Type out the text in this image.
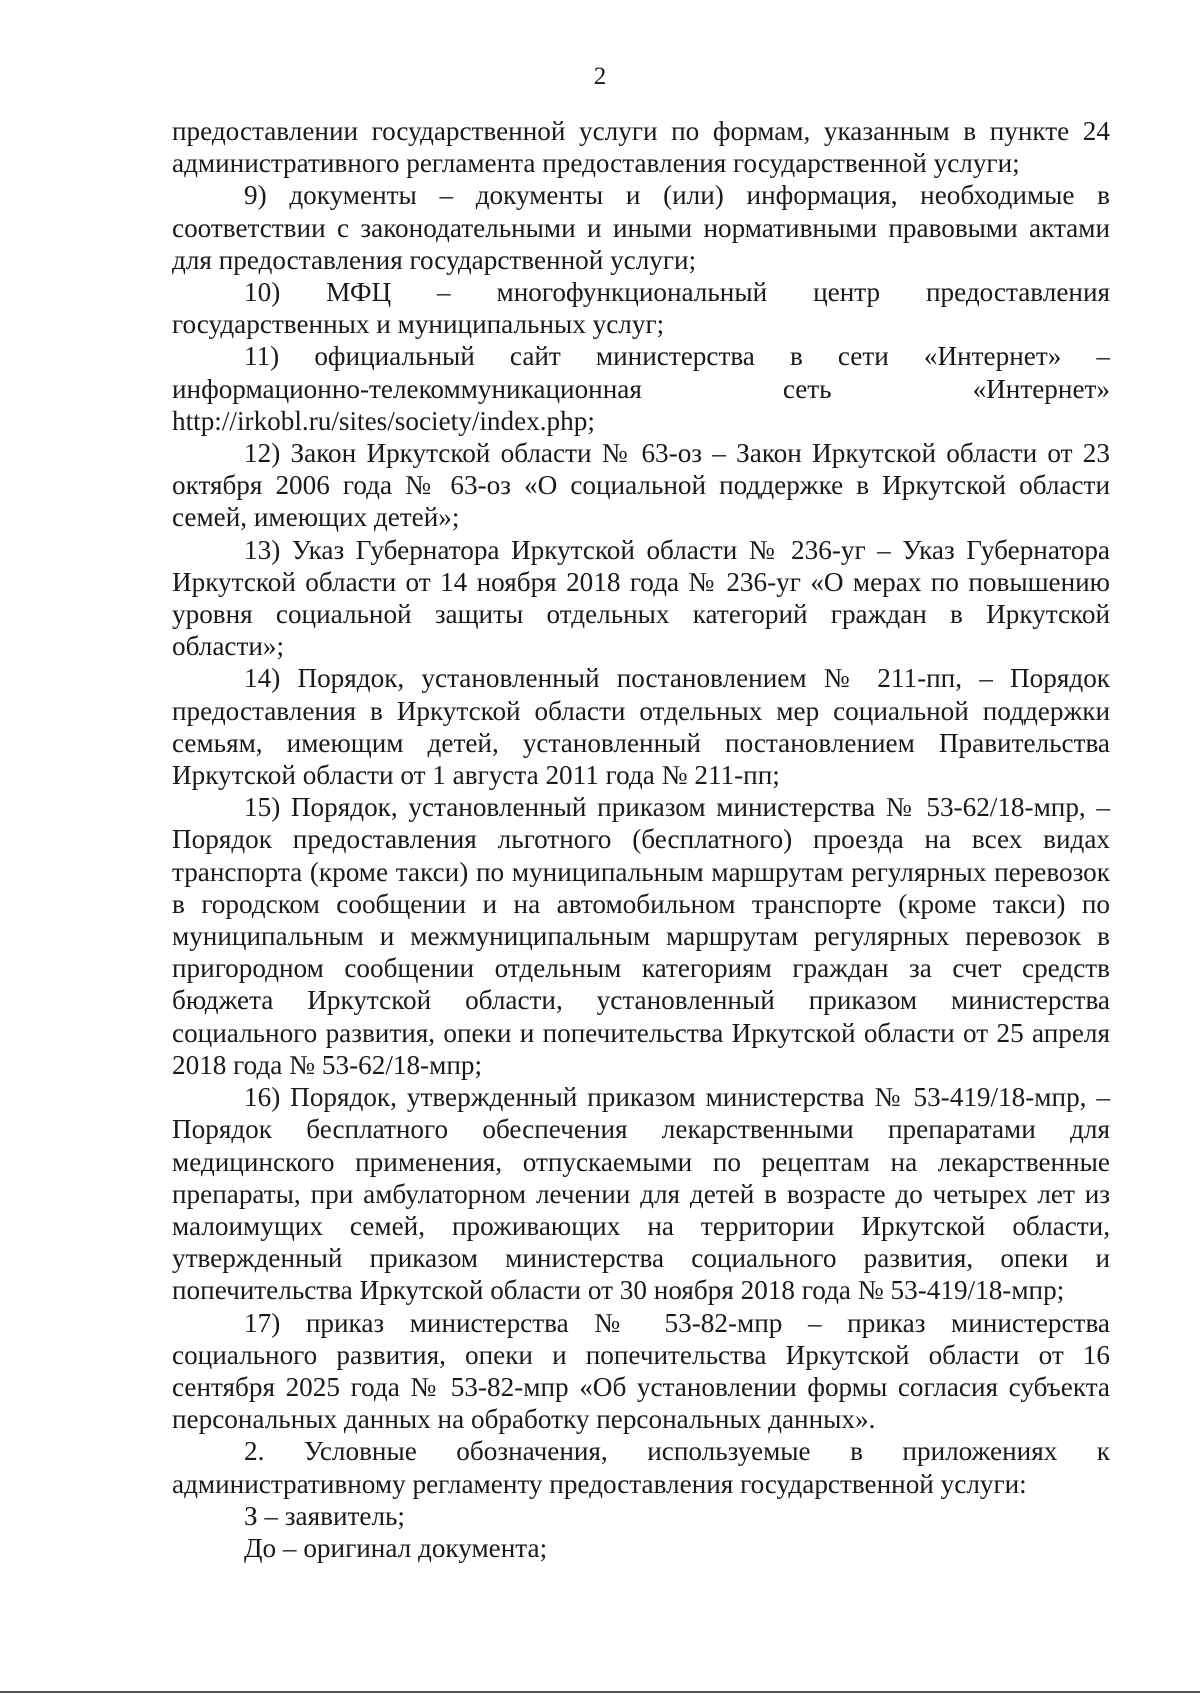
2

предоставлении государственной услуги по формам, указанным в пункте 24 административного регламента предоставления государственной услуги;

9) документы – документы и (или) информация, необходимые в соответствии с законодательными и иными нормативными правовыми актами для предоставления государственной услуги;

10) МФЦ – многофункциональный центр предоставления государственных и муниципальных услуг;

11) официальный сайт министерства в сети «Интернет» – информационно-телекоммуникационная сеть «Интернет» http://irkobl.ru/sites/society/index.php;

12) Закон Иркутской области № 63-оз – Закон Иркутской области от 23 октября 2006 года № 63-оз «О социальной поддержке в Иркутской области семей, имеющих детей»;

13) Указ Губернатора Иркутской области № 236-уг – Указ Губернатора Иркутской области от 14 ноября 2018 года № 236-уг «О мерах по повышению уровня социальной защиты отдельных категорий граждан в Иркутской области»;

14) Порядок, установленный постановлением № 211-пп, – Порядок предоставления в Иркутской области отдельных мер социальной поддержки семьям, имеющим детей, установленный постановлением Правительства Иркутской области от 1 августа 2011 года № 211-пп;

15) Порядок, установленный приказом министерства № 53-62/18-мпр, – Порядок предоставления льготного (бесплатного) проезда на всех видах транспорта (кроме такси) по муниципальным маршрутам регулярных перевозок в городском сообщении и на автомобильном транспорте (кроме такси) по муниципальным и межмуниципальным маршрутам регулярных перевозок в пригородном сообщении отдельным категориям граждан за счет средств бюджета Иркутской области, установленный приказом министерства социального развития, опеки и попечительства Иркутской области от 25 апреля 2018 года № 53-62/18-мпр;

16) Порядок, утвержденный приказом министерства № 53-419/18-мпр, – Порядок бесплатного обеспечения лекарственными препаратами для медицинского применения, отпускаемыми по рецептам на лекарственные препараты, при амбулаторном лечении для детей в возрасте до четырех лет из малоимущих семей, проживающих на территории Иркутской области, утвержденный приказом министерства социального развития, опеки и попечительства Иркутской области от 30 ноября 2018 года № 53-419/18-мпр;

17) приказ министерства № 53-82-мпр – приказ министерства социального развития, опеки и попечительства Иркутской области от 16 сентября 2025 года № 53-82-мпр «Об установлении формы согласия субъекта персональных данных на обработку персональных данных».

2. Условные обозначения, используемые в приложениях к административному регламенту предоставления государственной услуги:

З – заявитель;

До – оригинал документа;
